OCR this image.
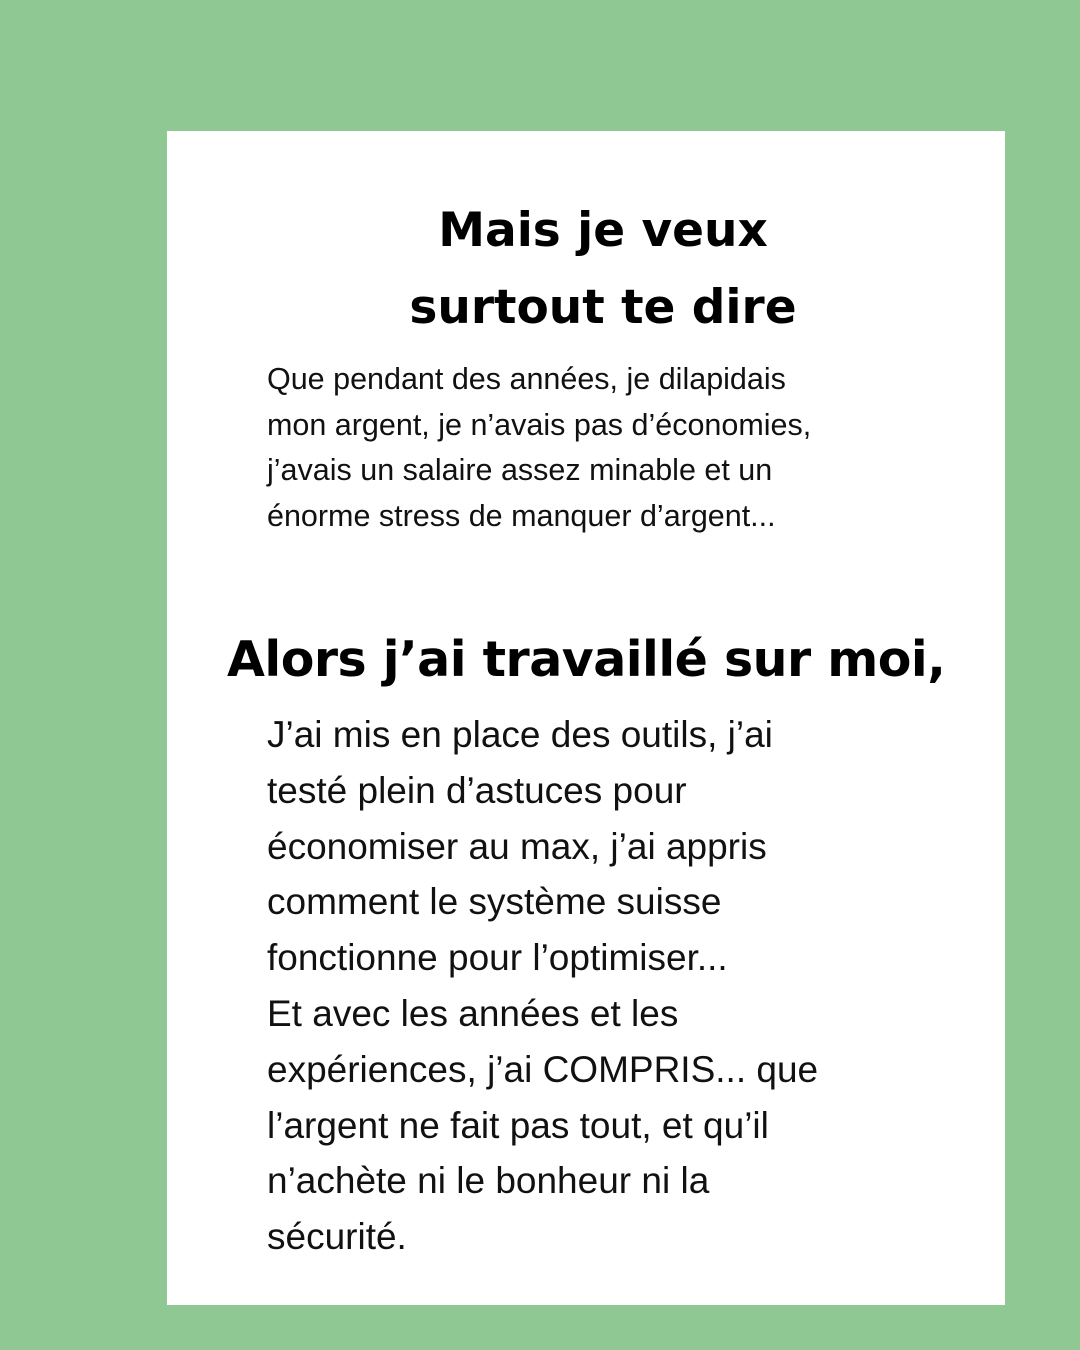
Mais je veux
surtout te dire

Que pendant des années, je dilapidais
mon argent, je n’avais pas d’économies,
j’avais un salaire assez minable et un
énorme stress de manquer d’argent...

Alors j’ai travaillé sur moi,

J’ai mis en place des outils, j’ai
testé plein d’astuces pour
économiser au max, j’ai appris
comment le système suisse
fonctionne pour l’optimiser...
Et avec les années et les
expériences, j’ai COMPRIS... que
l’argent ne fait pas tout, et qu’il
n’achète ni le bonheur ni la
sécurité.
